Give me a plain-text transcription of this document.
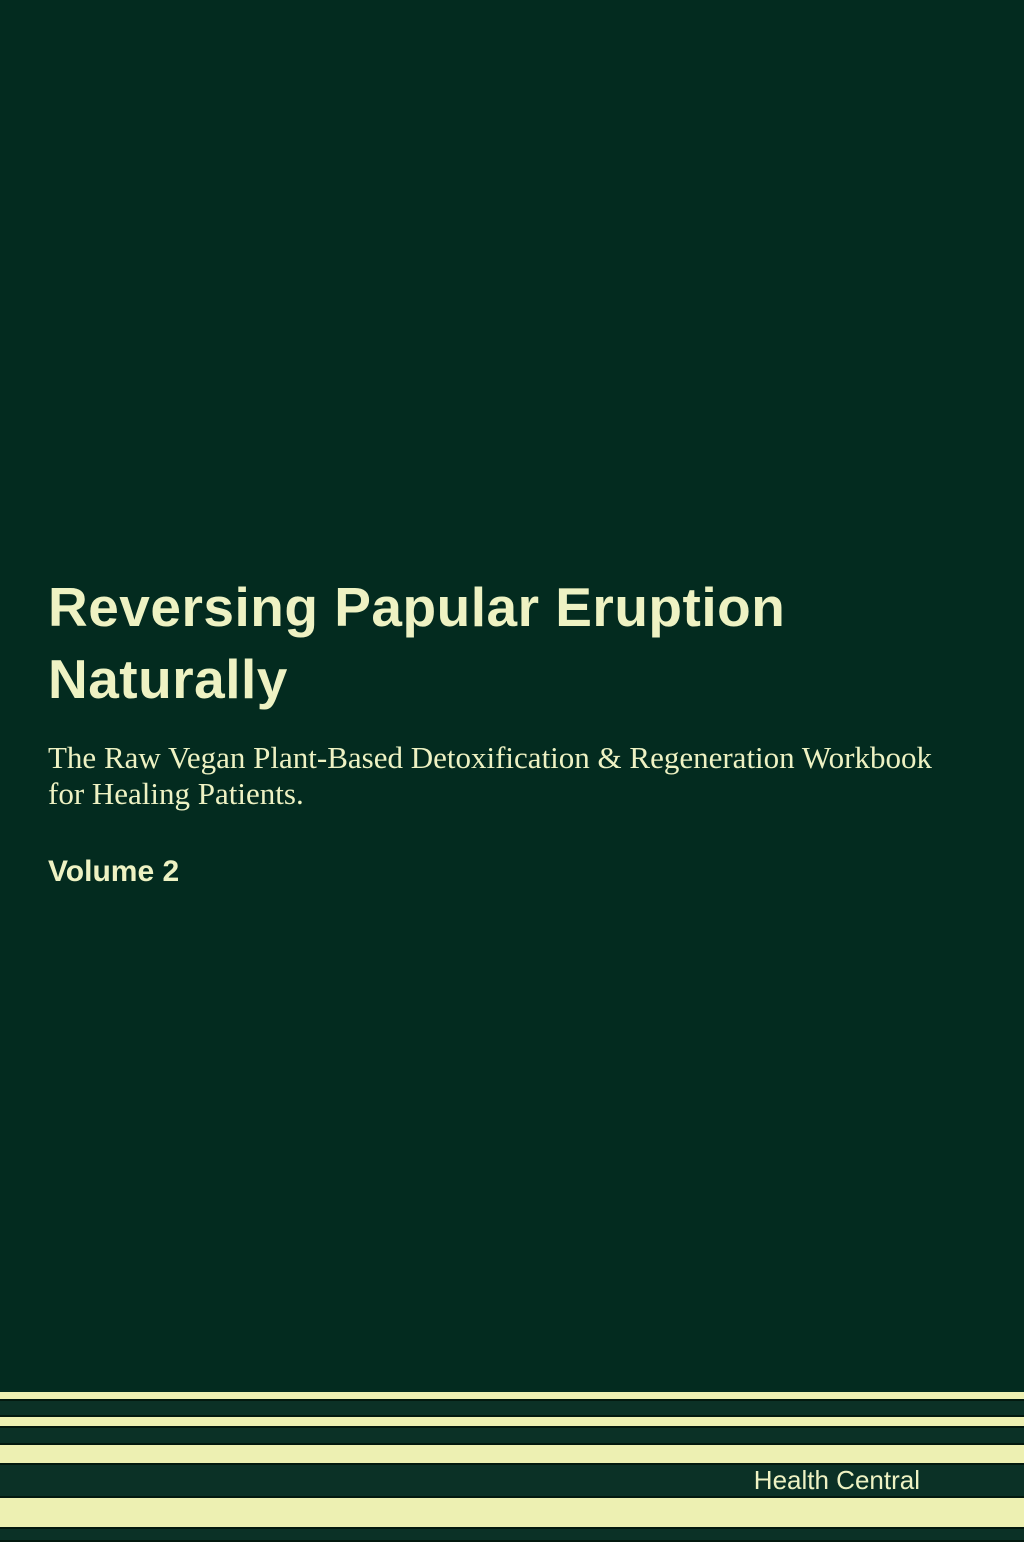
Reversing Papular Eruption Naturally

The Raw Vegan Plant-Based Detoxification & Regeneration Workbook for Healing Patients.

Volume 2

Health Central
